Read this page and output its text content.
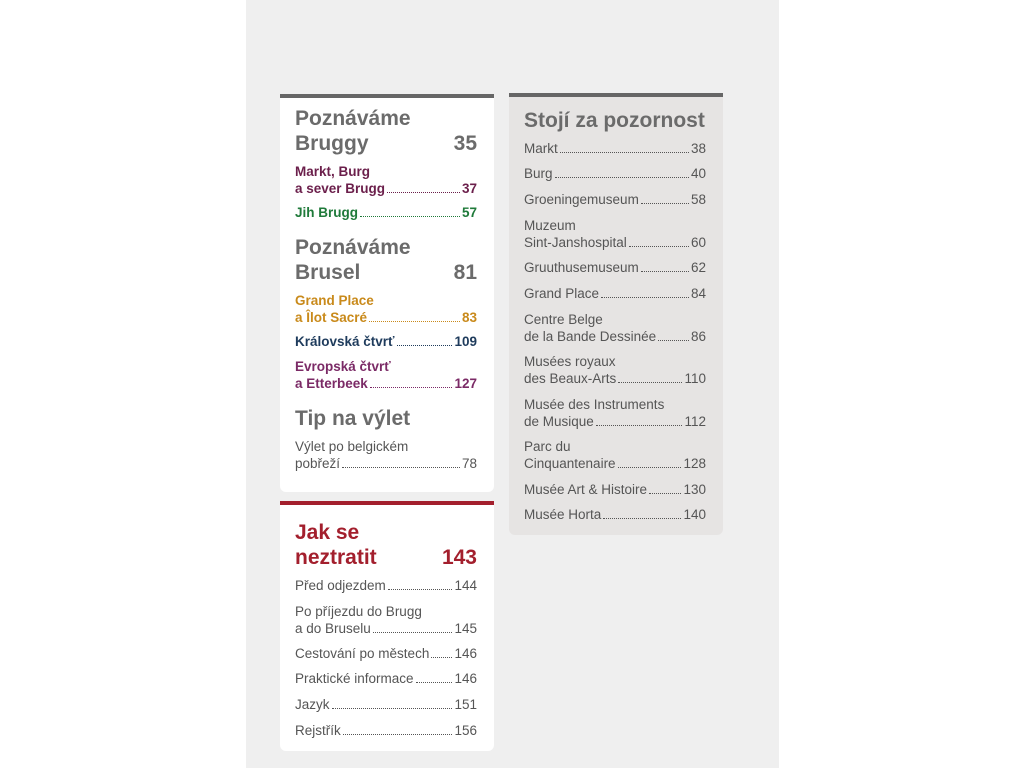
Poznáváme
Bruggy	35
Markt, Burg
a sever Brugg	37
Jih Brugg	57
Poznáváme
Brusel	81
Grand Place
a Îlot Sacré	83
Královská čtvrť	109
Evropská čtvrť
a Etterbeek	127
Tip na výlet
Výlet po belgickém
pobřeží	78
Jak se
neztratit	143
Před odjezdem	144
Po příjezdu do Brugg
a do Bruselu	145
Cestování po městech	146
Praktické informace	146
Jazyk	151
Rejstřík	156
Stojí za pozornost
Markt	38
Burg	40
Groeningemuseum	58
Muzeum
Sint-Janshospital	60
Gruuthusemuseum	62
Grand Place	84
Centre Belge
de la Bande Dessinée	86
Musées royaux
des Beaux-Arts	110
Musée des Instruments
de Musique	112
Parc du
Cinquantenaire	128
Musée Art & Histoire	130
Musée Horta	140
